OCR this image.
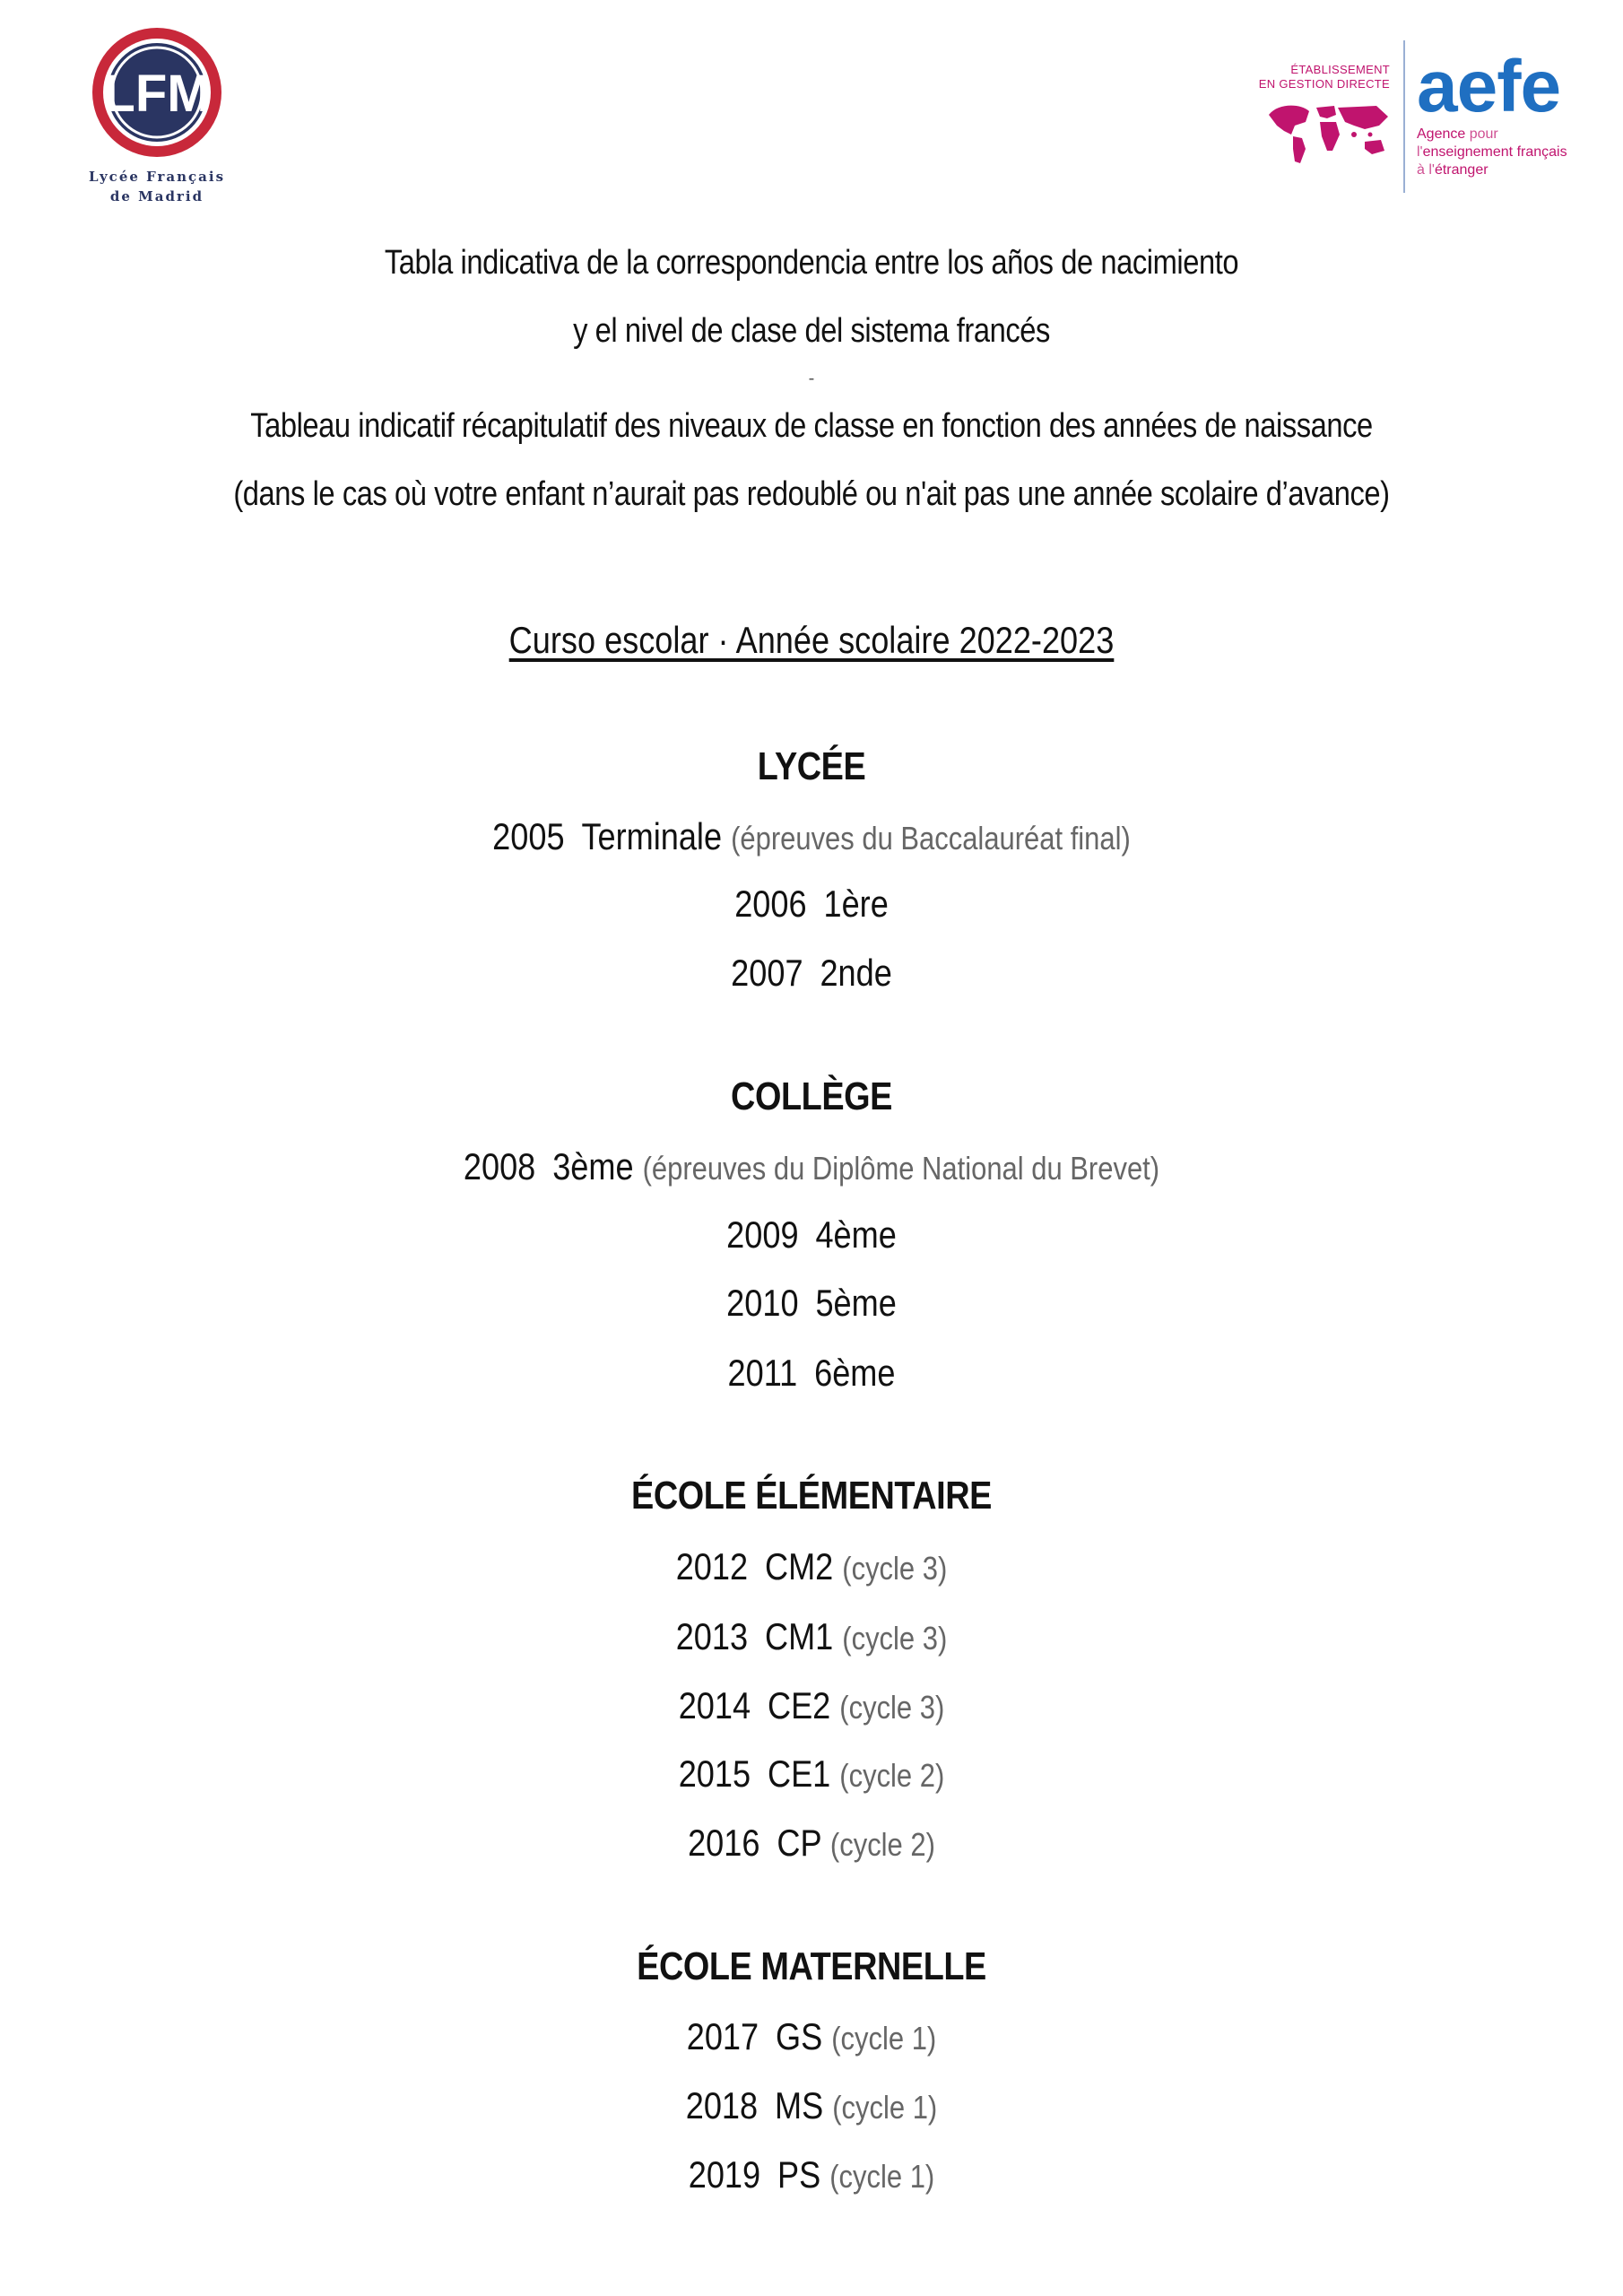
LFM
Lycée Français
de Madrid
ÉTABLISSEMENT
EN GESTION DIRECTE aefe
Agence pour
l'enseignement français
à l'étranger
Tabla indicativa de la correspondencia entre los años de nacimiento
y el nivel de clase del sistema francés
-
Tableau indicatif récapitulatif des niveaux de classe en fonction des années de naissance
(dans le cas où votre enfant n’aurait pas redoublé ou n'ait pas une année scolaire d’avance)
Curso escolar · Année scolaire 2022-2023
LYCÉE
2005 Terminale (épreuves du Baccalauréat final)
2006 1ère
2007 2nde
COLLÈGE
2008 3ème (épreuves du Diplôme National du Brevet)
2009 4ème
2010 5ème
2011 6ème
ÉCOLE ÉLÉMENTAIRE
2012 CM2 (cycle 3)
2013 CM1 (cycle 3)
2014 CE2 (cycle 3)
2015 CE1 (cycle 2)
2016 CP (cycle 2)
ÉCOLE MATERNELLE
2017 GS (cycle 1)
2018 MS (cycle 1)
2019 PS (cycle 1)
